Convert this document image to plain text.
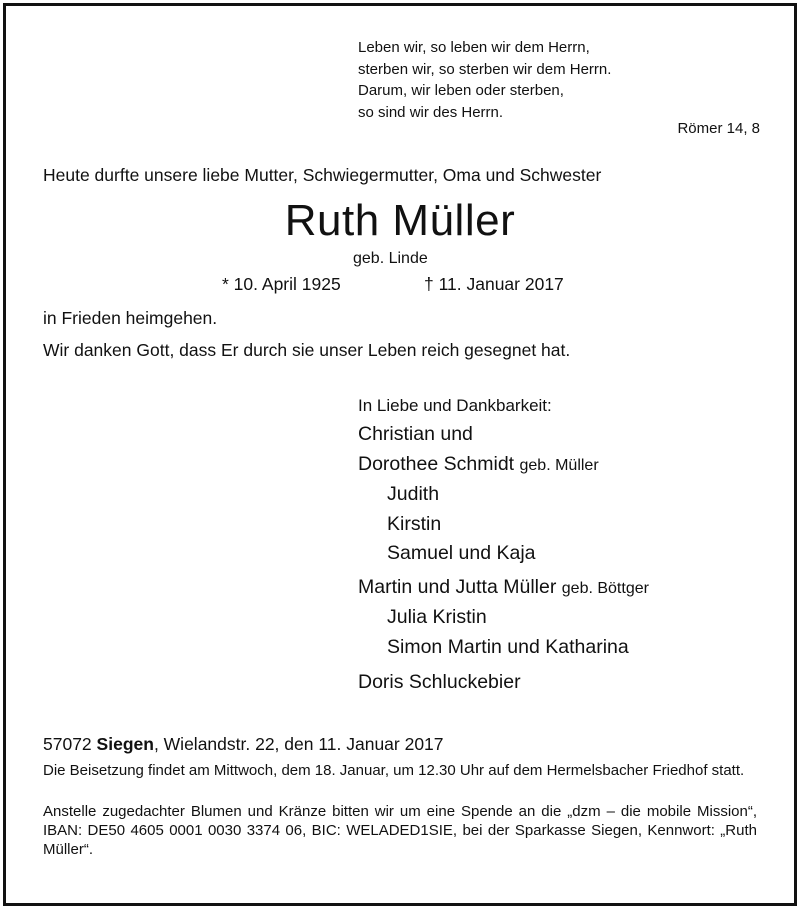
Leben wir, so leben wir dem Herrn,
sterben wir, so sterben wir dem Herrn.
Darum, wir leben oder sterben,
so sind wir des Herrn.
Römer 14, 8
Heute durfte unsere liebe Mutter, Schwiegermutter, Oma und Schwester
Ruth Müller
geb. Linde
* 10. April 1925	† 11. Januar 2017
in Frieden heimgehen.
Wir danken Gott, dass Er durch sie unser Leben reich gesegnet hat.
In Liebe und Dankbarkeit:
Christian und
Dorothee Schmidt geb. Müller
Judith
Kirstin
Samuel und Kaja
Martin und Jutta Müller geb. Böttger
Julia Kristin
Simon Martin und Katharina
Doris Schluckebier
57072 Siegen, Wielandstr. 22, den 11. Januar 2017
Die Beisetzung findet am Mittwoch, dem 18. Januar, um 12.30 Uhr auf dem Hermelsbacher Friedhof statt.
Anstelle zugedachter Blumen und Kränze bitten wir um eine Spende an die „dzm – die mobile Mission“, IBAN: DE50 4605 0001 0030 3374 06, BIC: WELADED1SIE, bei der Sparkasse Siegen, Kennwort: „Ruth Müller“.
